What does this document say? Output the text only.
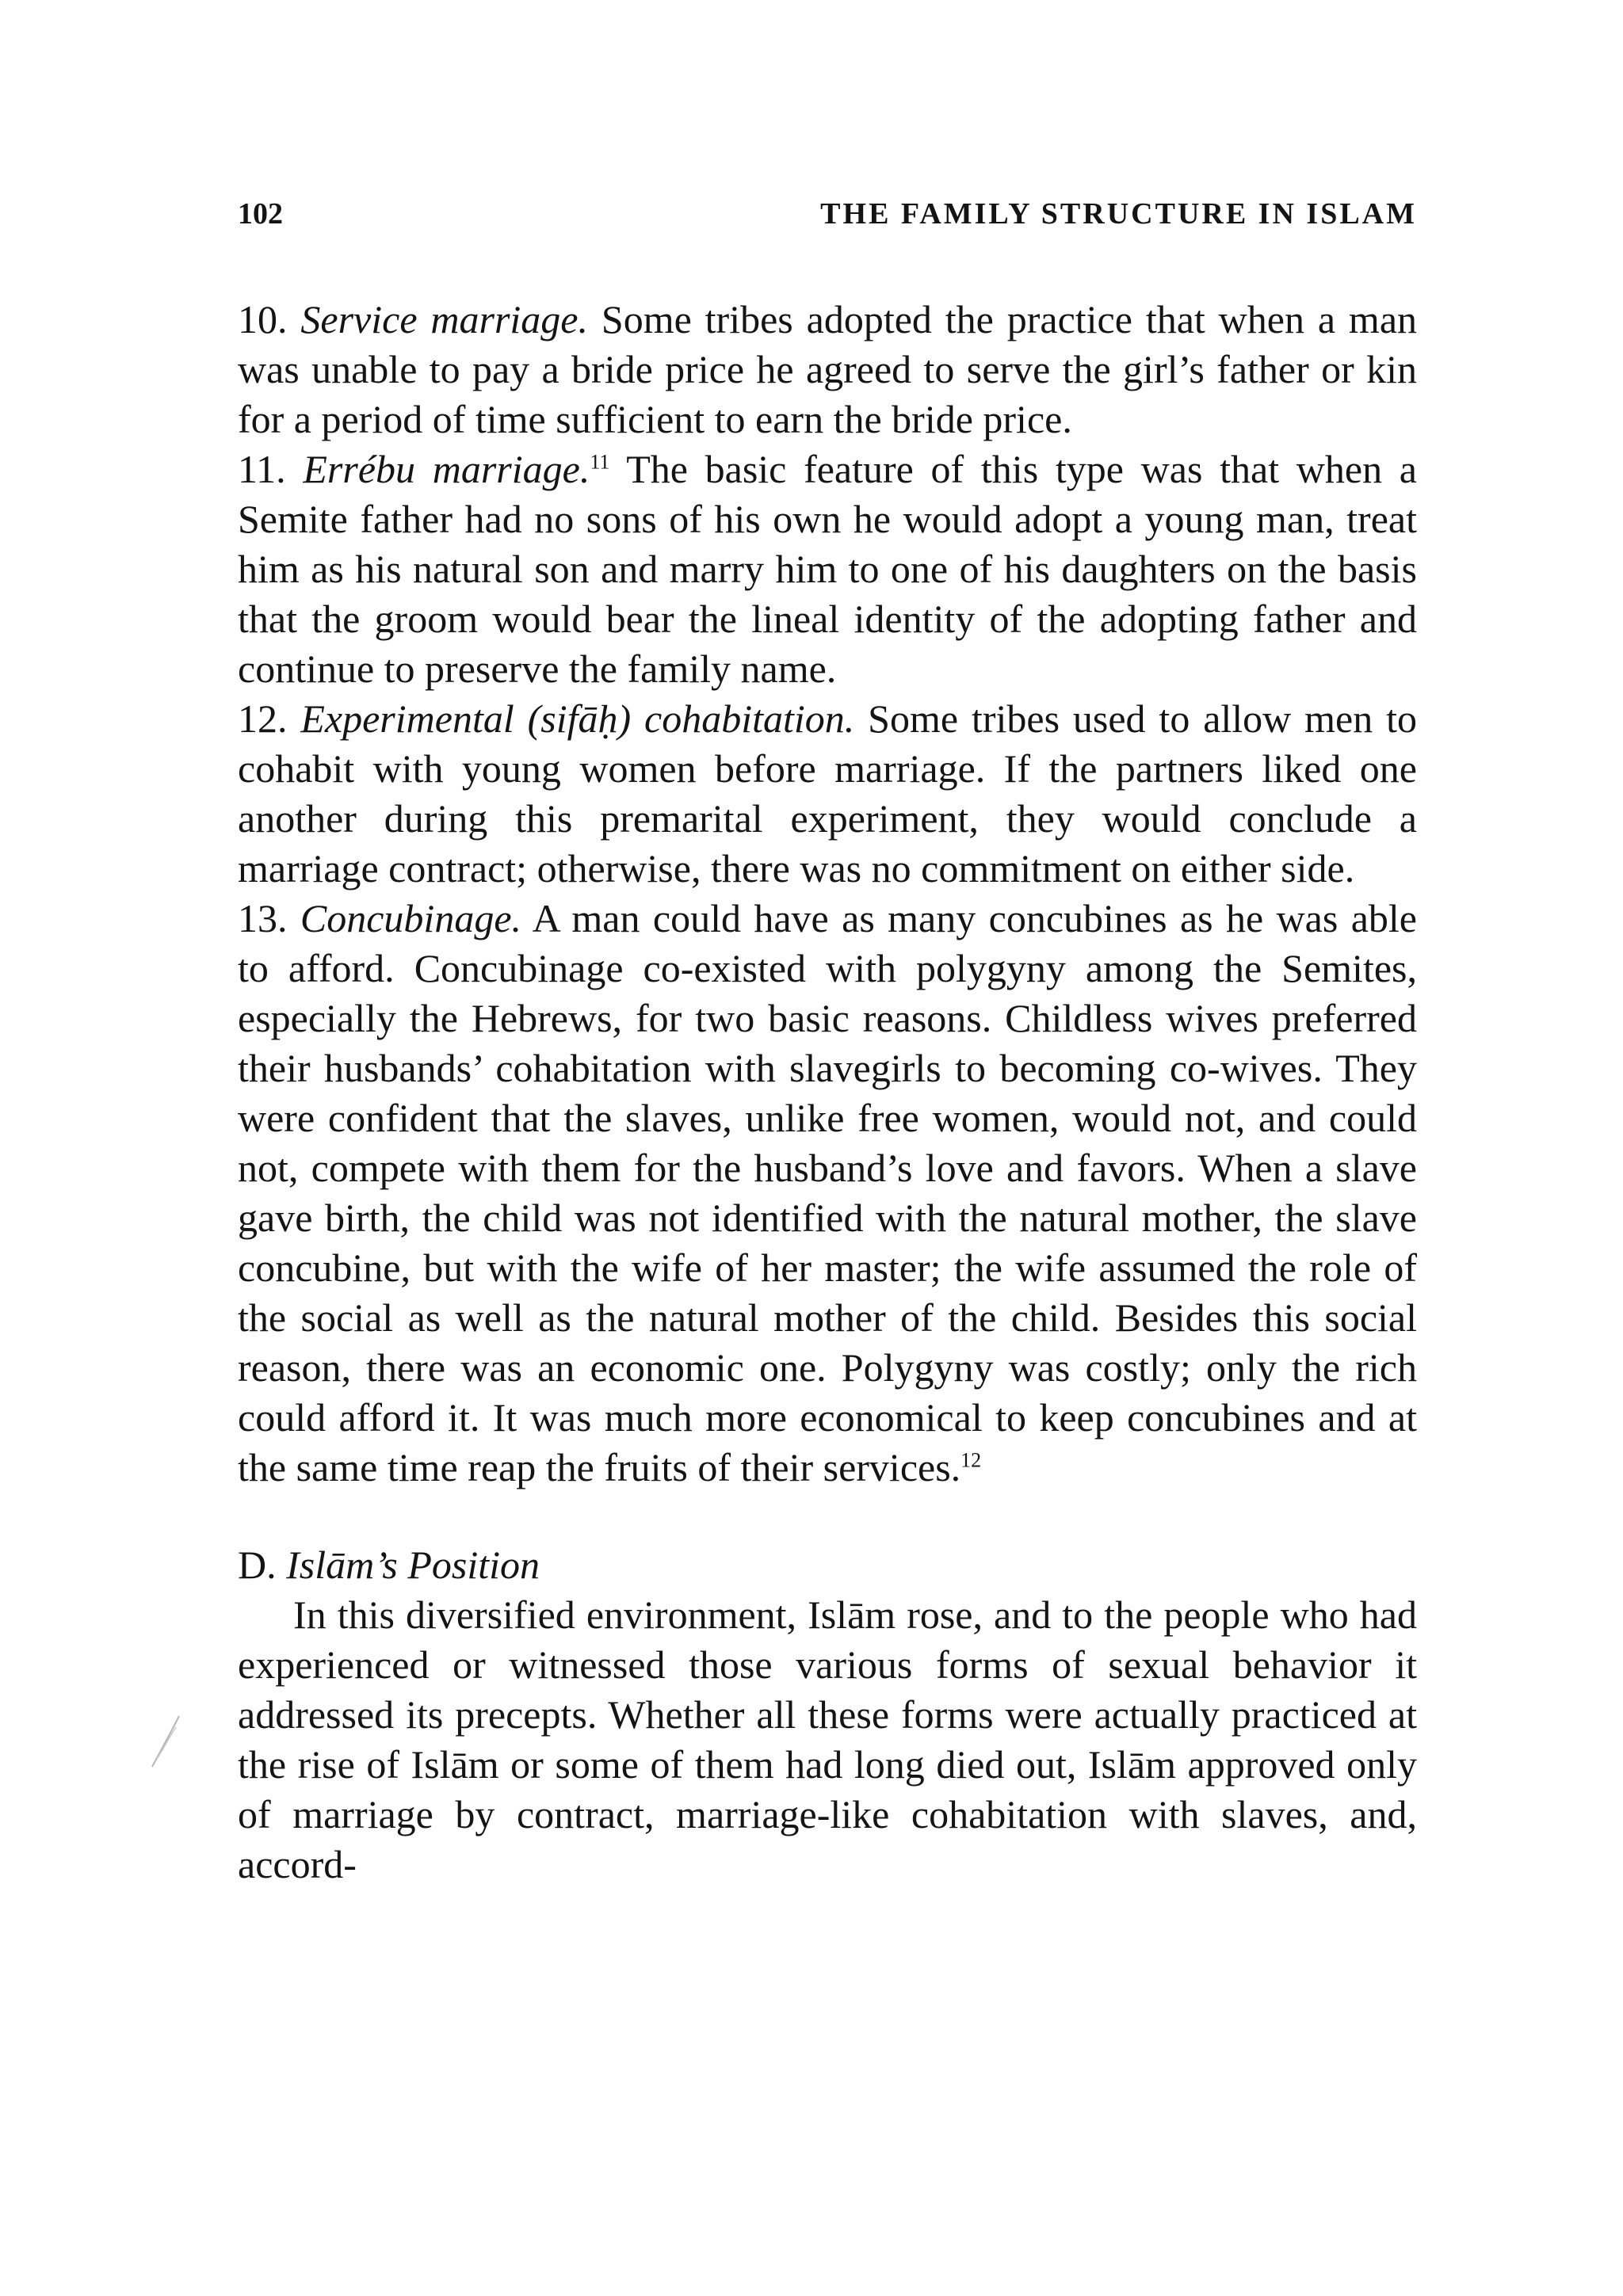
102	THE FAMILY STRUCTURE IN ISLAM

10. Service marriage. Some tribes adopted the practice that when a man was unable to pay a bride price he agreed to serve the girl’s father or kin for a period of time sufficient to earn the bride price.

11. Errébu marriage.$^{11}$ The basic feature of this type was that when a Semite father had no sons of his own he would adopt a young man, treat him as his natural son and marry him to one of his daughters on the basis that the groom would bear the lineal identity of the adopting father and continue to preserve the family name.

12. Experimental (sifāḥ) cohabitation. Some tribes used to allow men to cohabit with young women before marriage. If the partners liked one another during this premarital experiment, they would conclude a marriage contract; otherwise, there was no commitment on either side.

13. Concubinage. A man could have as many concubines as he was able to afford. Concubinage co-existed with polygyny among the Semites, especially the Hebrews, for two basic reasons. Childless wives preferred their husbands’ cohabitation with slavegirls to becoming co-wives. They were confident that the slaves, unlike free women, would not, and could not, compete with them for the husband’s love and favors. When a slave gave birth, the child was not identified with the natural mother, the slave concubine, but with the wife of her master; the wife assumed the role of the social as well as the natural mother of the child. Besides this social reason, there was an economic one. Polygyny was costly; only the rich could afford it. It was much more economical to keep concubines and at the same time reap the fruits of their services.$^{12}$

D. Islām’s Position

In this diversified environment, Islām rose, and to the people who had experienced or witnessed those various forms of sexual behavior it addressed its precepts. Whether all these forms were actually practiced at the rise of Islām or some of them had long died out, Islām approved only of marriage by contract, marriage-like cohabitation with slaves, and, accord-
